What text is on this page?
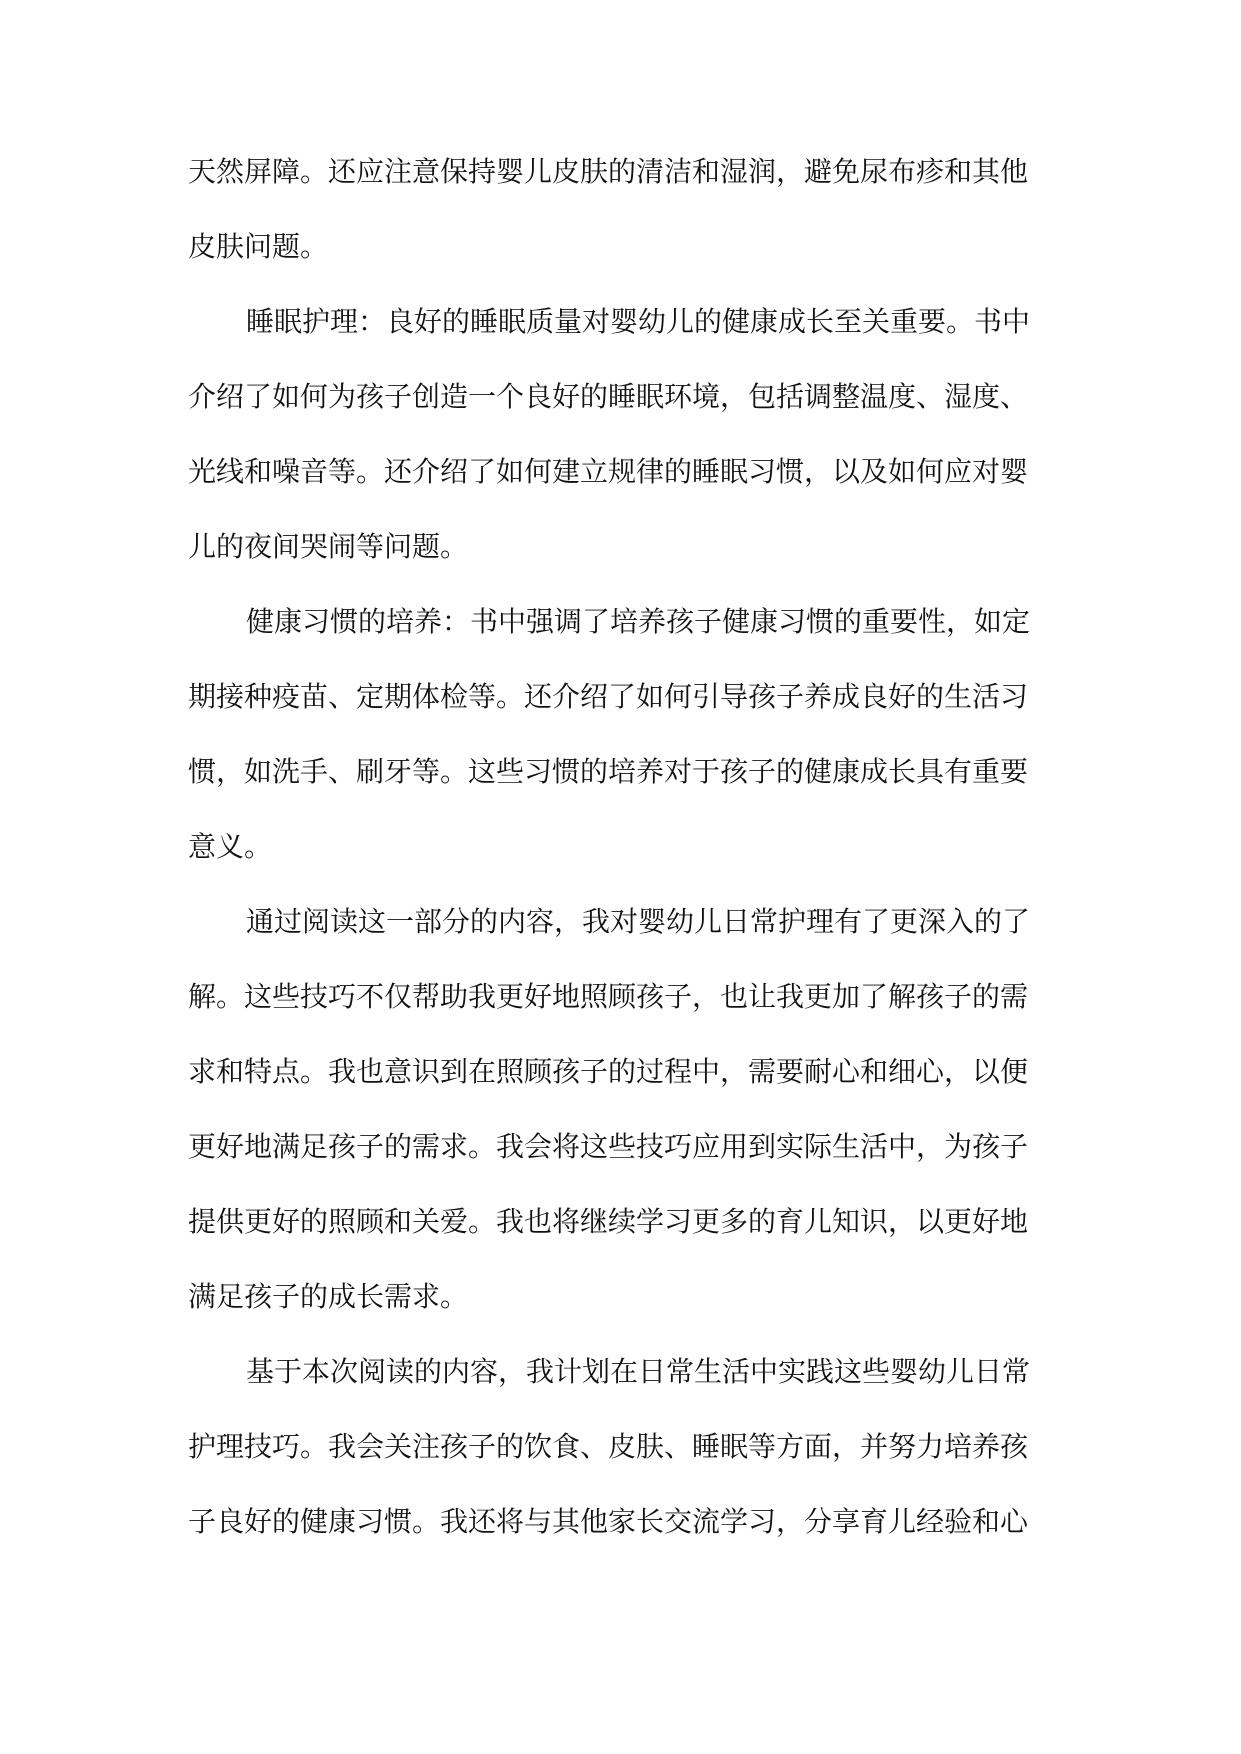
天然屏障。还应注意保持婴儿皮肤的清洁和湿润，避免尿布疹和其他
皮肤问题。
睡眠护理：良好的睡眠质量对婴幼儿的健康成长至关重要。书中
介绍了如何为孩子创造一个良好的睡眠环境，包括调整温度、湿度、
光线和噪音等。还介绍了如何建立规律的睡眠习惯，以及如何应对婴
儿的夜间哭闹等问题。
健康习惯的培养：书中强调了培养孩子健康习惯的重要性，如定
期接种疫苗、定期体检等。还介绍了如何引导孩子养成良好的生活习
惯，如洗手、刷牙等。这些习惯的培养对于孩子的健康成长具有重要
意义。
通过阅读这一部分的内容，我对婴幼儿日常护理有了更深入的了
解。这些技巧不仅帮助我更好地照顾孩子，也让我更加了解孩子的需
求和特点。我也意识到在照顾孩子的过程中，需要耐心和细心，以便
更好地满足孩子的需求。我会将这些技巧应用到实际生活中，为孩子
提供更好的照顾和关爱。我也将继续学习更多的育儿知识，以更好地
满足孩子的成长需求。
基于本次阅读的内容，我计划在日常生活中实践这些婴幼儿日常
护理技巧。我会关注孩子的饮食、皮肤、睡眠等方面，并努力培养孩
子良好的健康习惯。我还将与其他家长交流学习，分享育儿经验和心
